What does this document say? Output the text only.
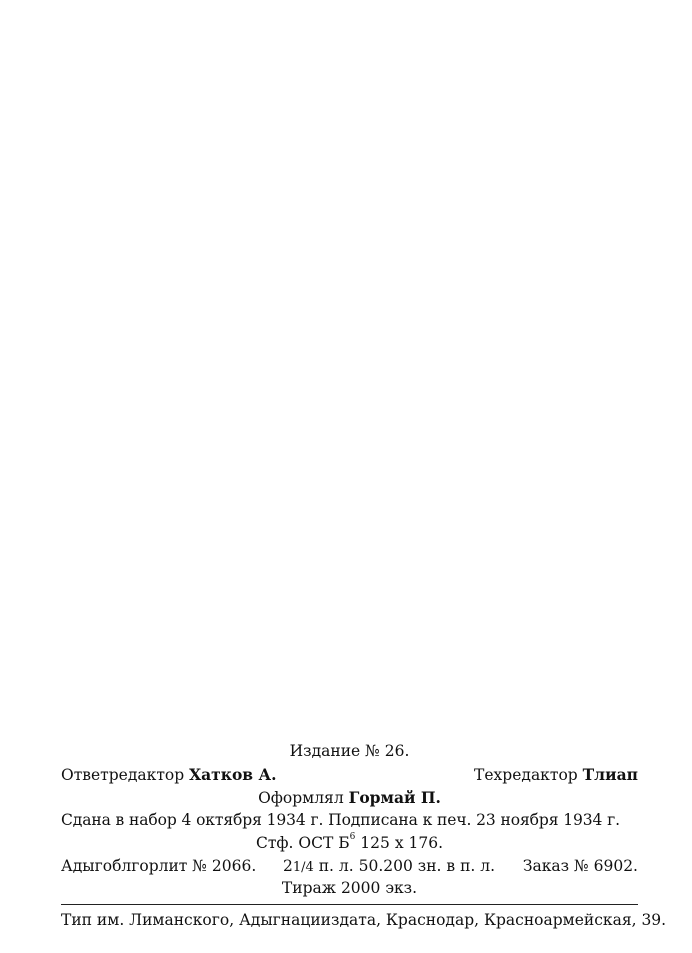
Издание № 26.
Ответредактор Хатков А.	Техредактор Тлиап
Оформлял Гормай П.
Сдана в набор 4 октября 1934 г. Подписана к печ. 23 ноября 1934 г.
Стф. ОСТ $Б^6$ 125 x 176.
Адыгоблгорлит № 2066. 21/4 п. л. 50.200 зн. в п. л. Заказ № 6902.
Тираж 2000 экз.
Тип им. Лиманского, Адыгнацииздата, Краснодар, Красноармейская, 39.
